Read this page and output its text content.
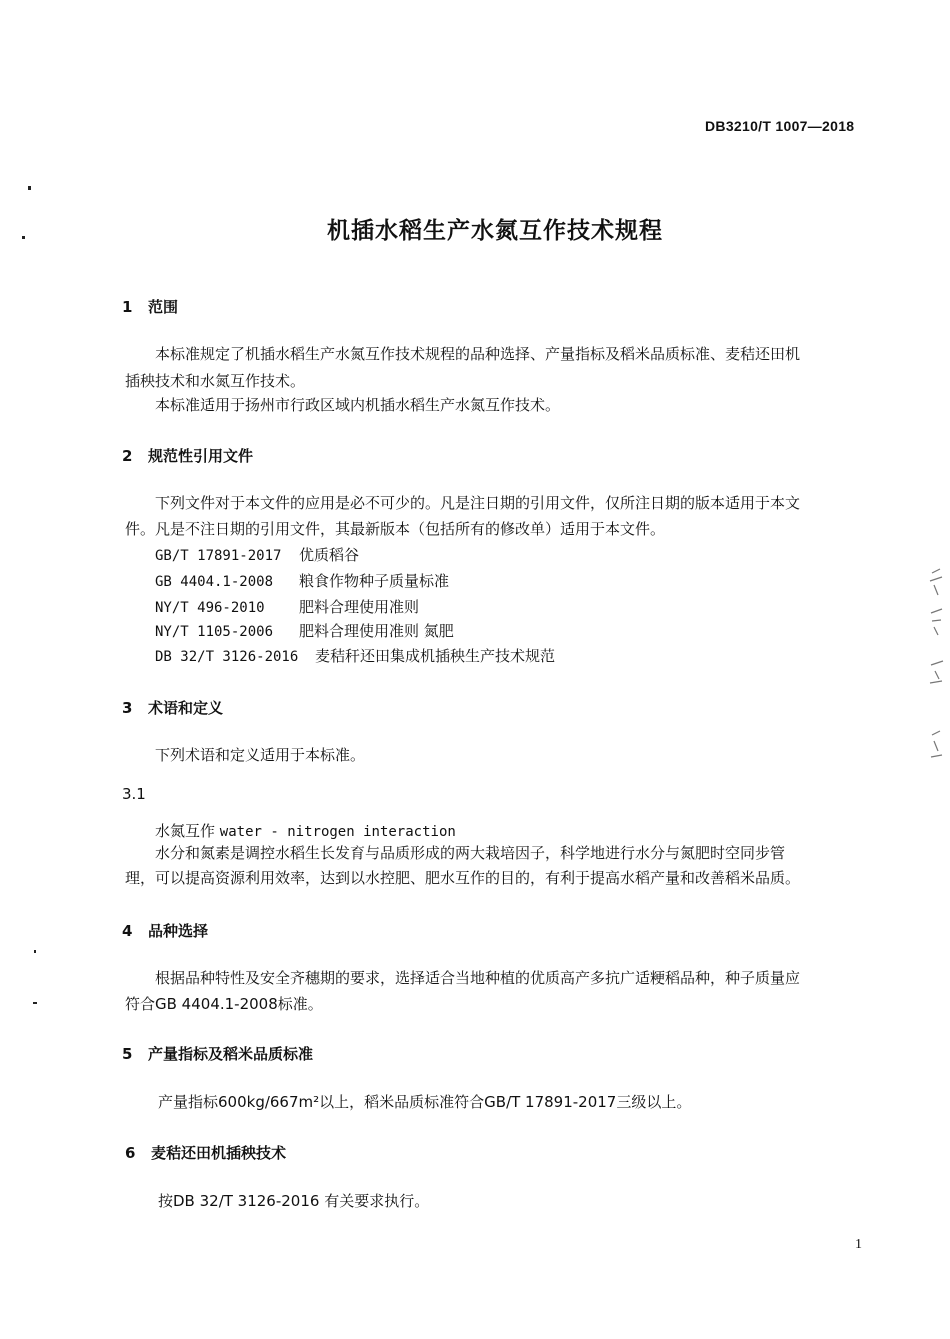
DB3210/T 1007—2018
机插水稻生产水氮互作技术规程
1 范围
本标准规定了机插水稻生产水氮互作技术规程的品种选择、产量指标及稻米品质标准、麦秸还田机
插秧技术和水氮互作技术。
本标准适用于扬州市行政区域内机插水稻生产水氮互作技术。
2 规范性引用文件
下列文件对于本文件的应用是必不可少的。凡是注日期的引用文件，仅所注日期的版本适用于本文
件。凡是不注日期的引用文件，其最新版本（包括所有的修改单）适用于本文件。
GB/T 17891-2017 优质稻谷
GB 4404.1-2008 粮食作物种子质量标准
NY/T 496-2010 肥料合理使用准则
NY/T 1105-2006 肥料合理使用准则 氮肥
DB 32/T 3126-2016 麦秸秆还田集成机插秧生产技术规范
3 术语和定义
下列术语和定义适用于本标准。
3.1
水氮互作 water - nitrogen interaction
水分和氮素是调控水稻生长发育与品质形成的两大栽培因子，科学地进行水分与氮肥时空同步管
理，可以提高资源利用效率，达到以水控肥、肥水互作的目的，有利于提高水稻产量和改善稻米品质。
4 品种选择
根据品种特性及安全齐穗期的要求，选择适合当地种植的优质高产多抗广适粳稻品种，种子质量应
符合GB 4404.1-2008标准。
5 产量指标及稻米品质标准
产量指标600kg/667m²以上，稻米品质标准符合GB/T 17891-2017三级以上。
6 麦秸还田机插秧技术
按DB 32/T 3126-2016 有关要求执行。
1
